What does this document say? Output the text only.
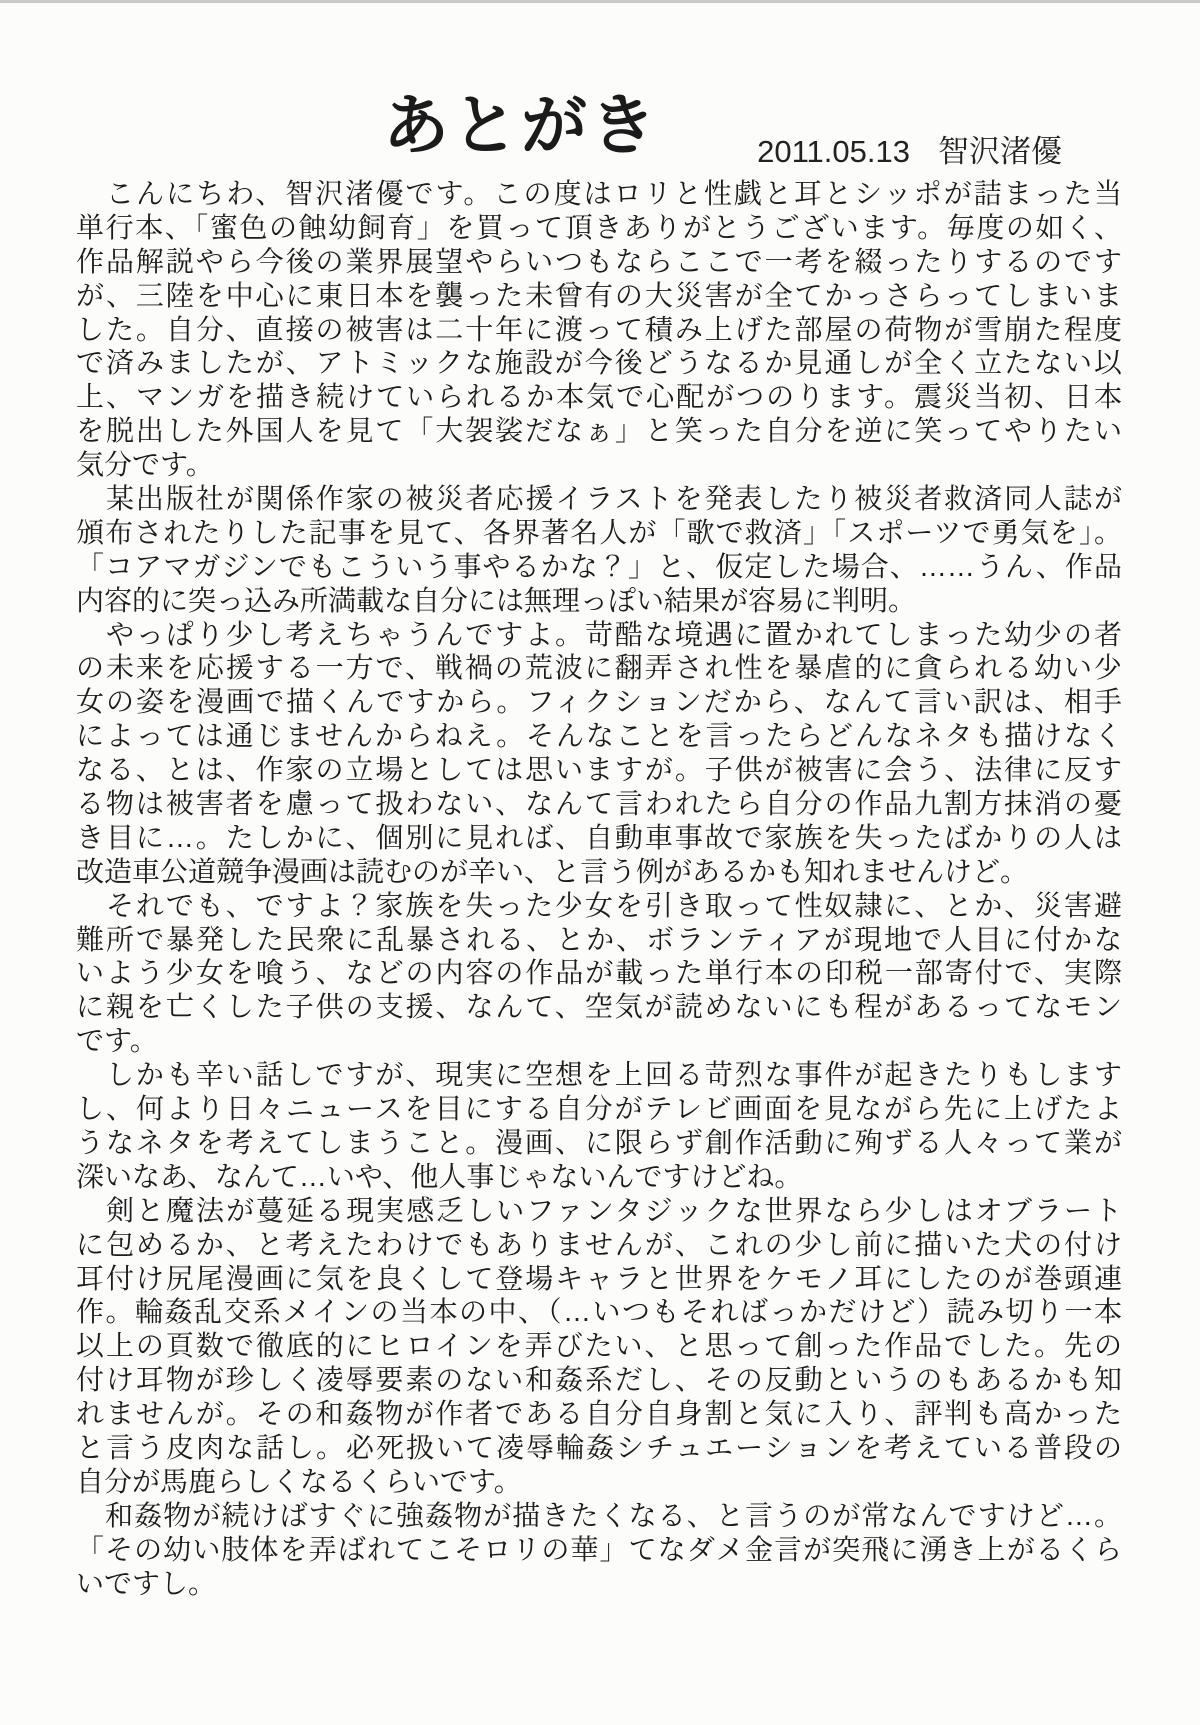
あとがき	2011.05.13 智沢渚優
　こんにちわ、智沢渚優です。この度はロリと性戯と耳とシッポが詰まった当
単行本、「蜜色の蝕幼飼育」を買って頂きありがとうございます。毎度の如く、
作品解説やら今後の業界展望やらいつもならここで一考を綴ったりするのです
が、三陸を中心に東日本を襲った未曾有の大災害が全てかっさらってしまいま
した。自分、直接の被害は二十年に渡って積み上げた部屋の荷物が雪崩た程度
で済みましたが、アトミックな施設が今後どうなるか見通しが全く立たない以
上、マンガを描き続けていられるか本気で心配がつのります。震災当初、日本
を脱出した外国人を見て「大袈裟だなぁ」と笑った自分を逆に笑ってやりたい
気分です。
　某出版社が関係作家の被災者応援イラストを発表したり被災者救済同人誌が
頒布されたりした記事を見て、各界著名人が「歌で救済」「スポーツで勇気を」。
「コアマガジンでもこういう事やるかな？」と、仮定した場合、……うん、作品
内容的に突っ込み所満載な自分には無理っぽい結果が容易に判明。
　やっぱり少し考えちゃうんですよ。苛酷な境遇に置かれてしまった幼少の者
の未来を応援する一方で、戦禍の荒波に翻弄され性を暴虐的に貪られる幼い少
女の姿を漫画で描くんですから。フィクションだから、なんて言い訳は、相手
によっては通じませんからねえ。そんなことを言ったらどんなネタも描けなく
なる、とは、作家の立場としては思いますが。子供が被害に会う、法律に反す
る物は被害者を慮って扱わない、なんて言われたら自分の作品九割方抹消の憂
き目に…。たしかに、個別に見れば、自動車事故で家族を失ったばかりの人は
改造車公道競争漫画は読むのが辛い、と言う例があるかも知れませんけど。
　それでも、ですよ？家族を失った少女を引き取って性奴隷に、とか、災害避
難所で暴発した民衆に乱暴される、とか、ボランティアが現地で人目に付かな
いよう少女を喰う、などの内容の作品が載った単行本の印税一部寄付で、実際
に親を亡くした子供の支援、なんて、空気が読めないにも程があるってなモン
です。
　しかも辛い話しですが、現実に空想を上回る苛烈な事件が起きたりもします
し、何より日々ニュースを目にする自分がテレビ画面を見ながら先に上げたよ
うなネタを考えてしまうこと。漫画、に限らず創作活動に殉ずる人々って業が
深いなあ、なんて…いや、他人事じゃないんですけどね。
　剣と魔法が蔓延る現実感乏しいファンタジックな世界なら少しはオブラート
に包めるか、と考えたわけでもありませんが、これの少し前に描いた犬の付け
耳付け尻尾漫画に気を良くして登場キャラと世界をケモノ耳にしたのが巻頭連
作。輪姦乱交系メインの当本の中、（…いつもそればっかだけど）読み切り一本
以上の頁数で徹底的にヒロインを弄びたい、と思って創った作品でした。先の
付け耳物が珍しく凌辱要素のない和姦系だし、その反動というのもあるかも知
れませんが。その和姦物が作者である自分自身割と気に入り、評判も高かった
と言う皮肉な話し。必死扱いて凌辱輪姦シチュエーションを考えている普段の
自分が馬鹿らしくなるくらいです。
　和姦物が続けばすぐに強姦物が描きたくなる、と言うのが常なんですけど…。
「その幼い肢体を弄ばれてこそロリの華」てなダメ金言が突飛に湧き上がるくら
いですし。
